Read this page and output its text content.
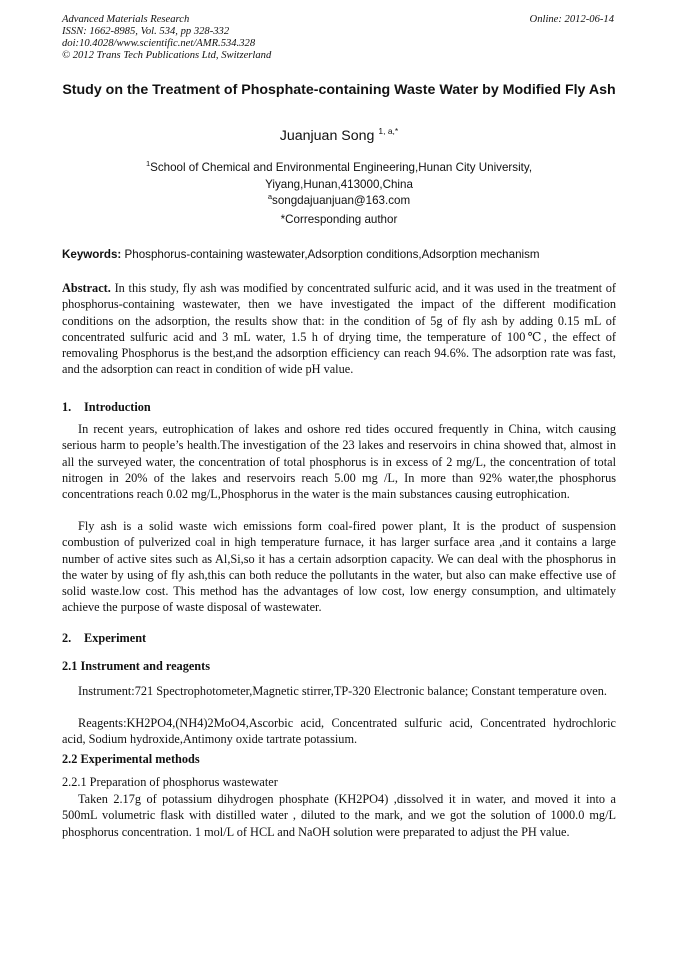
Advanced Materials Research
ISSN: 1662-8985, Vol. 534, pp 328-332
doi:10.4028/www.scientific.net/AMR.534.328
© 2012 Trans Tech Publications Ltd, Switzerland
Online: 2012-06-14
Study on the Treatment of Phosphate-containing Waste Water by Modified Fly Ash
Juanjuan Song $^{1, a,*}$
$^1$School of Chemical and Environmental Engineering,Hunan City University,
Yiyang,Hunan,413000,China
$^a$songdajuanjuan@163.com
*Corresponding author
Keywords: Phosphorus-containing wastewater,Adsorption conditions,Adsorption mechanism
Abstract. In this study, fly ash was modified by concentrated sulfuric acid, and it was used in the treatment of phosphorus-containing wastewater, then we have investigated the impact of the different modification conditions on the adsorption, the results show that: in the condition of 5g of fly ash by adding 0.15 mL of concentrated sulfuric acid and 3 mL water, 1.5 h of drying time, the temperature of 100℃, the effect of removaling Phosphorus is the best,and the adsorption efficiency can reach 94.6%. The adsorption rate was fast, and the adsorption can react in condition of wide pH value.
1. Introduction
In recent years, eutrophication of lakes and oshore red tides occured frequently in China, witch causing serious harm to people’s health.The investigation of the 23 lakes and reservoirs in china showed that, almost in all the surveyed water, the concentration of total phosphorus is in excess of 2 mg/L, the concentration of total nitrogen in 20% of the lakes and reservoirs reach 5.00 mg /L, In more than 92% water,the phosphorus concentrations reach 0.02 mg/L,Phosphorus in the water is the main substances causing eutrophication.
Fly ash is a solid waste wich emissions form coal-fired power plant, It is the product of suspension combustion of pulverized coal in high temperature furnace, it has larger surface area ,and it contains a large number of active sites such as Al,Si,so it has a certain adsorption capacity. We can deal with the phosphorus in the water by using of fly ash,this can both reduce the pollutants in the water, but also can make effective use of solid waste.low cost. This method has the advantages of low cost, low energy consumption, and ultimately achieve the purpose of waste disposal of wastewater.
2. Experiment
2.1 Instrument and reagents
Instrument:721 Spectrophotometer,Magnetic stirrer,TP-320 Electronic balance; Constant temperature oven.
Reagents:KH2PO4,(NH4)2MoO4,Ascorbic acid, Concentrated sulfuric acid, Concentrated hydrochloric acid, Sodium hydroxide,Antimony oxide tartrate potassium.
2.2 Experimental methods
2.2.1 Preparation of phosphorus wastewater
Taken 2.17g of potassium dihydrogen phosphate (KH2PO4) ,dissolved it in water, and moved it into a 500mL volumetric flask with distilled water , diluted to the mark, and we got the solution of 1000.0 mg/L phosphorus concentration. 1 mol/L of HCL and NaOH solution were preparated to adjust the PH value.
